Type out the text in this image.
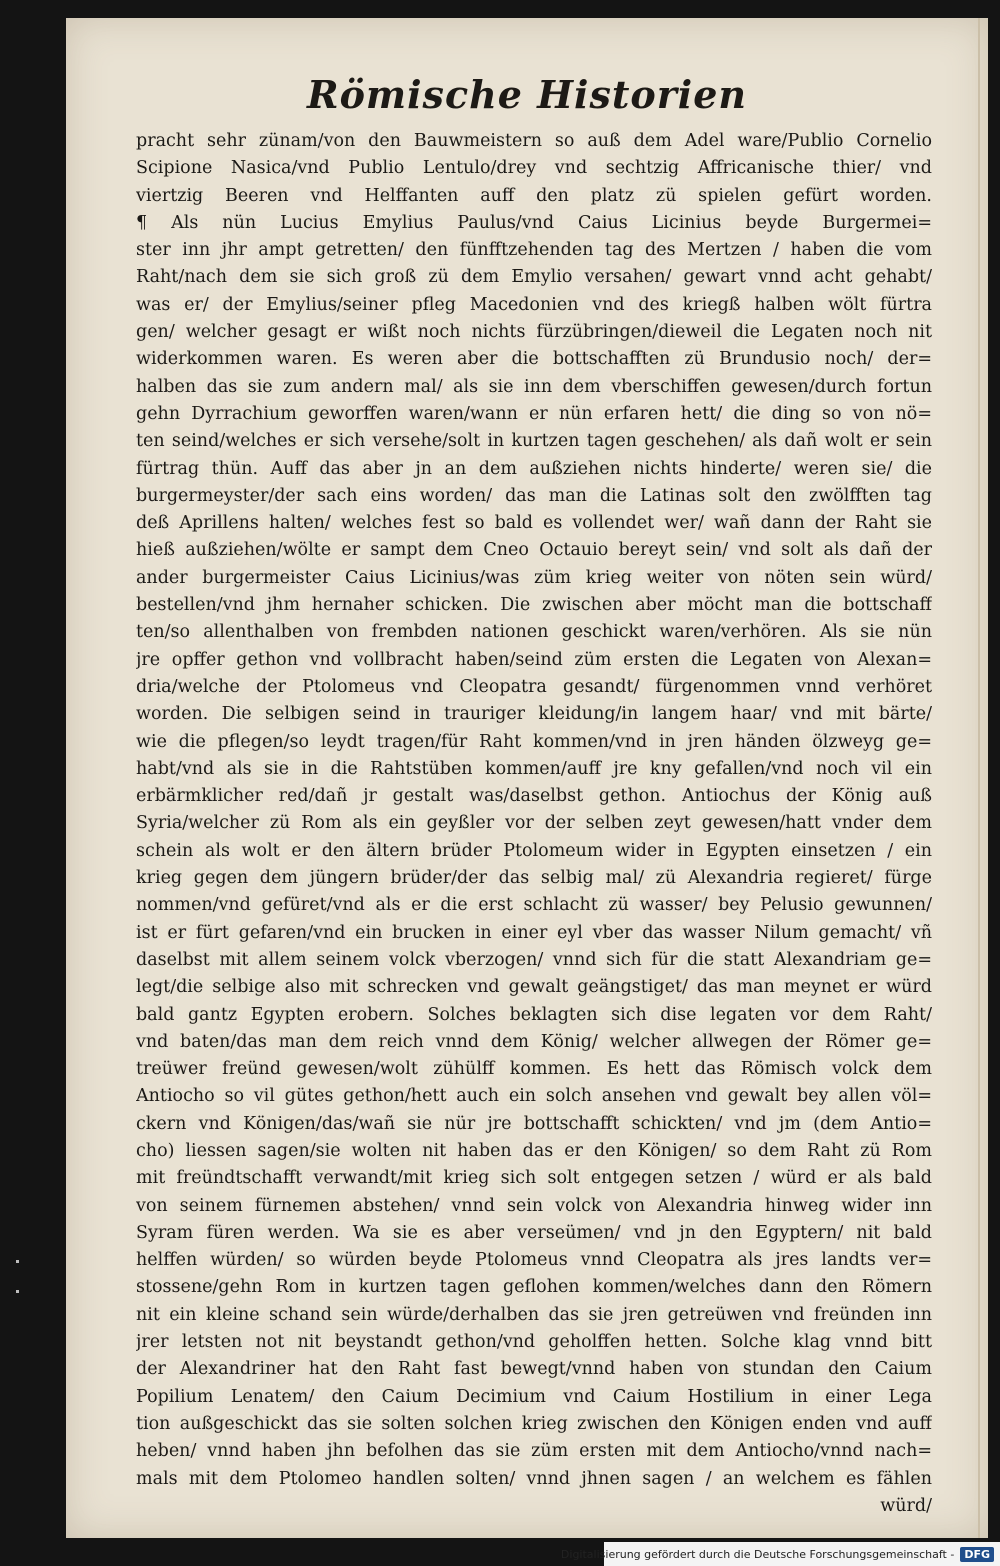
Römische Historien
pracht sehr zünam/von den Bauwmeistern so auß dem Adel ware/Publio Cornelio
Scipione Nasica/vnd Publio Lentulo/drey vnd sechtzig Affricanische thier/ vnd
viertzig Beeren vnd Helffanten auff den platz zü spielen gefürt worden.
¶ Als nün Lucius Emylius Paulus/vnd Caius Licinius beyde Burgermei=
ster inn jhr ampt getretten/ den fünfftzehenden tag des Mertzen / haben die vom
Raht/nach dem sie sich groß zü dem Emylio versahen/ gewart vnnd acht gehabt/
was er/ der Emylius/seiner pfleg Macedonien vnd des kriegß halben wölt fürtra
gen/ welcher gesagt er wißt noch nichts fürzübringen/dieweil die Legaten noch nit
widerkommen waren. Es weren aber die bottschafften zü Brundusio noch/ der=
halben das sie zum andern mal/ als sie inn dem vberschiffen gewesen/durch fortun
gehn Dyrrachium geworffen waren/wann er nün erfaren hett/ die ding so von nö=
ten seind/welches er sich versehe/solt in kurtzen tagen geschehen/ als dañ wolt er sein
fürtrag thün. Auff das aber jn an dem außziehen nichts hinderte/ weren sie/ die
burgermeyster/der sach eins worden/ das man die Latinas solt den zwölfften tag
deß Aprillens halten/ welches fest so bald es vollendet wer/ wañ dann der Raht sie
hieß außziehen/wölte er sampt dem Cneo Octauio bereyt sein/ vnd solt als dañ der
ander burgermeister Caius Licinius/was züm krieg weiter von nöten sein würd/
bestellen/vnd jhm hernaher schicken. Die zwischen aber möcht man die bottschaff
ten/so allenthalben von frembden nationen geschickt waren/verhören. Als sie nün
jre opffer gethon vnd vollbracht haben/seind züm ersten die Legaten von Alexan=
dria/welche der Ptolomeus vnd Cleopatra gesandt/ fürgenommen vnnd verhöret
worden. Die selbigen seind in trauriger kleidung/in langem haar/ vnd mit bärte/
wie die pflegen/so leydt tragen/für Raht kommen/vnd in jren händen ölzweyg ge=
habt/vnd als sie in die Rahtstüben kommen/auff jre kny gefallen/vnd noch vil ein
erbärmklicher red/dañ jr gestalt was/daselbst gethon. Antiochus der König auß
Syria/welcher zü Rom als ein geyßler vor der selben zeyt gewesen/hatt vnder dem
schein als wolt er den ältern brüder Ptolomeum wider in Egypten einsetzen / ein
krieg gegen dem jüngern brüder/der das selbig mal/ zü Alexandria regieret/ fürge
nommen/vnd gefüret/vnd als er die erst schlacht zü wasser/ bey Pelusio gewunnen/
ist er fürt gefaren/vnd ein brucken in einer eyl vber das wasser Nilum gemacht/ vñ
daselbst mit allem seinem volck vberzogen/ vnnd sich für die statt Alexandriam ge=
legt/die selbige also mit schrecken vnd gewalt geängstiget/ das man meynet er würd
bald gantz Egypten erobern. Solches beklagten sich dise legaten vor dem Raht/
vnd baten/das man dem reich vnnd dem König/ welcher allwegen der Römer ge=
treüwer freünd gewesen/wolt zühülff kommen. Es hett das Römisch volck dem
Antiocho so vil gütes gethon/hett auch ein solch ansehen vnd gewalt bey allen völ=
ckern vnd Königen/das/wañ sie nür jre bottschafft schickten/ vnd jm (dem Antio=
cho) liessen sagen/sie wolten nit haben das er den Königen/ so dem Raht zü Rom
mit freündtschafft verwandt/mit krieg sich solt entgegen setzen / würd er als bald
von seinem fürnemen abstehen/ vnnd sein volck von Alexandria hinweg wider inn
Syram füren werden. Wa sie es aber verseümen/ vnd jn den Egyptern/ nit bald
helffen würden/ so würden beyde Ptolomeus vnnd Cleopatra als jres landts ver=
stossene/gehn Rom in kurtzen tagen geflohen kommen/welches dann den Römern
nit ein kleine schand sein würde/derhalben das sie jren getreüwen vnd freünden inn
jrer letsten not nit beystandt gethon/vnd geholffen hetten. Solche klag vnnd bitt
der Alexandriner hat den Raht fast bewegt/vnnd haben von stundan den Caium
Popilium Lenatem/ den Caium Decimium vnd Caium Hostilium in einer Lega
tion außgeschickt das sie solten solchen krieg zwischen den Königen enden vnd auff
heben/ vnnd haben jhn befolhen das sie züm ersten mit dem Antiocho/vnnd nach=
mals mit dem Ptolomeo handlen solten/ vnnd jhnen sagen / an welchem es fählen
würd/
Digitalisierung gefördert durch die Deutsche Forschungsgemeinschaft - DFG
